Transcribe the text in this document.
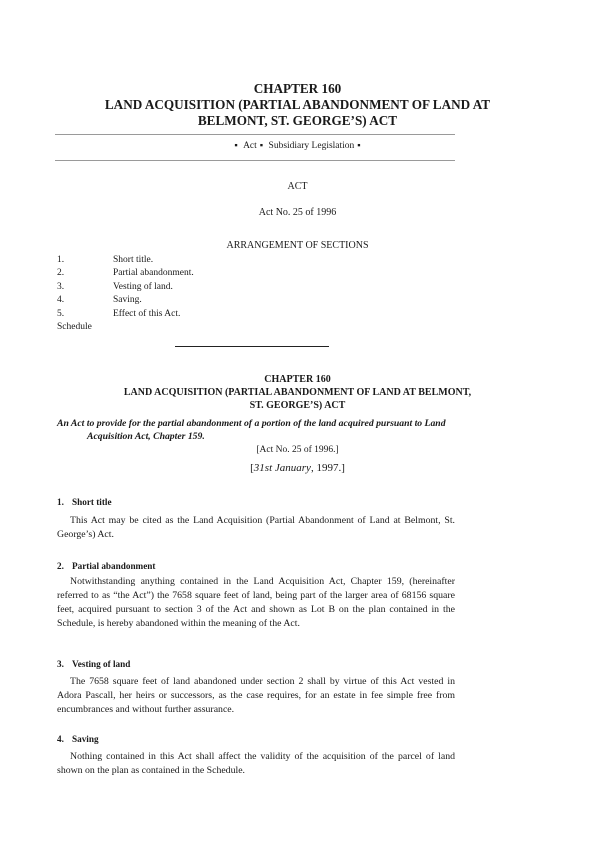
CHAPTER 160
LAND ACQUISITION (PARTIAL ABANDONMENT OF LAND AT
BELMONT, ST. GEORGE’S) ACT
▪ Act ▪ Subsidiary Legislation ▪
ACT
Act No. 25 of 1996
ARRANGEMENT OF SECTIONS
1.	Short title.
2.	Partial abandonment.
3.	Vesting of land.
4.	Saving.
5.	Effect of this Act.
Schedule
CHAPTER 160
LAND ACQUISITION (PARTIAL ABANDONMENT OF LAND AT BELMONT,
ST. GEORGE’S) ACT
An Act to provide for the partial abandonment of a portion of the land acquired pursuant to Land Acquisition Act, Chapter 159.
[Act No. 25 of 1996.]
[31st January, 1997.]
1. Short title
This Act may be cited as the Land Acquisition (Partial Abandonment of Land at Belmont, St. George’s) Act.
2. Partial abandonment
Notwithstanding anything contained in the Land Acquisition Act, Chapter 159, (hereinafter referred to as “the Act”) the 7658 square feet of land, being part of the larger area of 68156 square feet, acquired pursuant to section 3 of the Act and shown as Lot B on the plan contained in the Schedule, is hereby abandoned within the meaning of the Act.
3. Vesting of land
The 7658 square feet of land abandoned under section 2 shall by virtue of this Act vested in Adora Pascall, her heirs or successors, as the case requires, for an estate in fee simple free from encumbrances and without further assurance.
4. Saving
Nothing contained in this Act shall affect the validity of the acquisition of the parcel of land shown on the plan as contained in the Schedule.
